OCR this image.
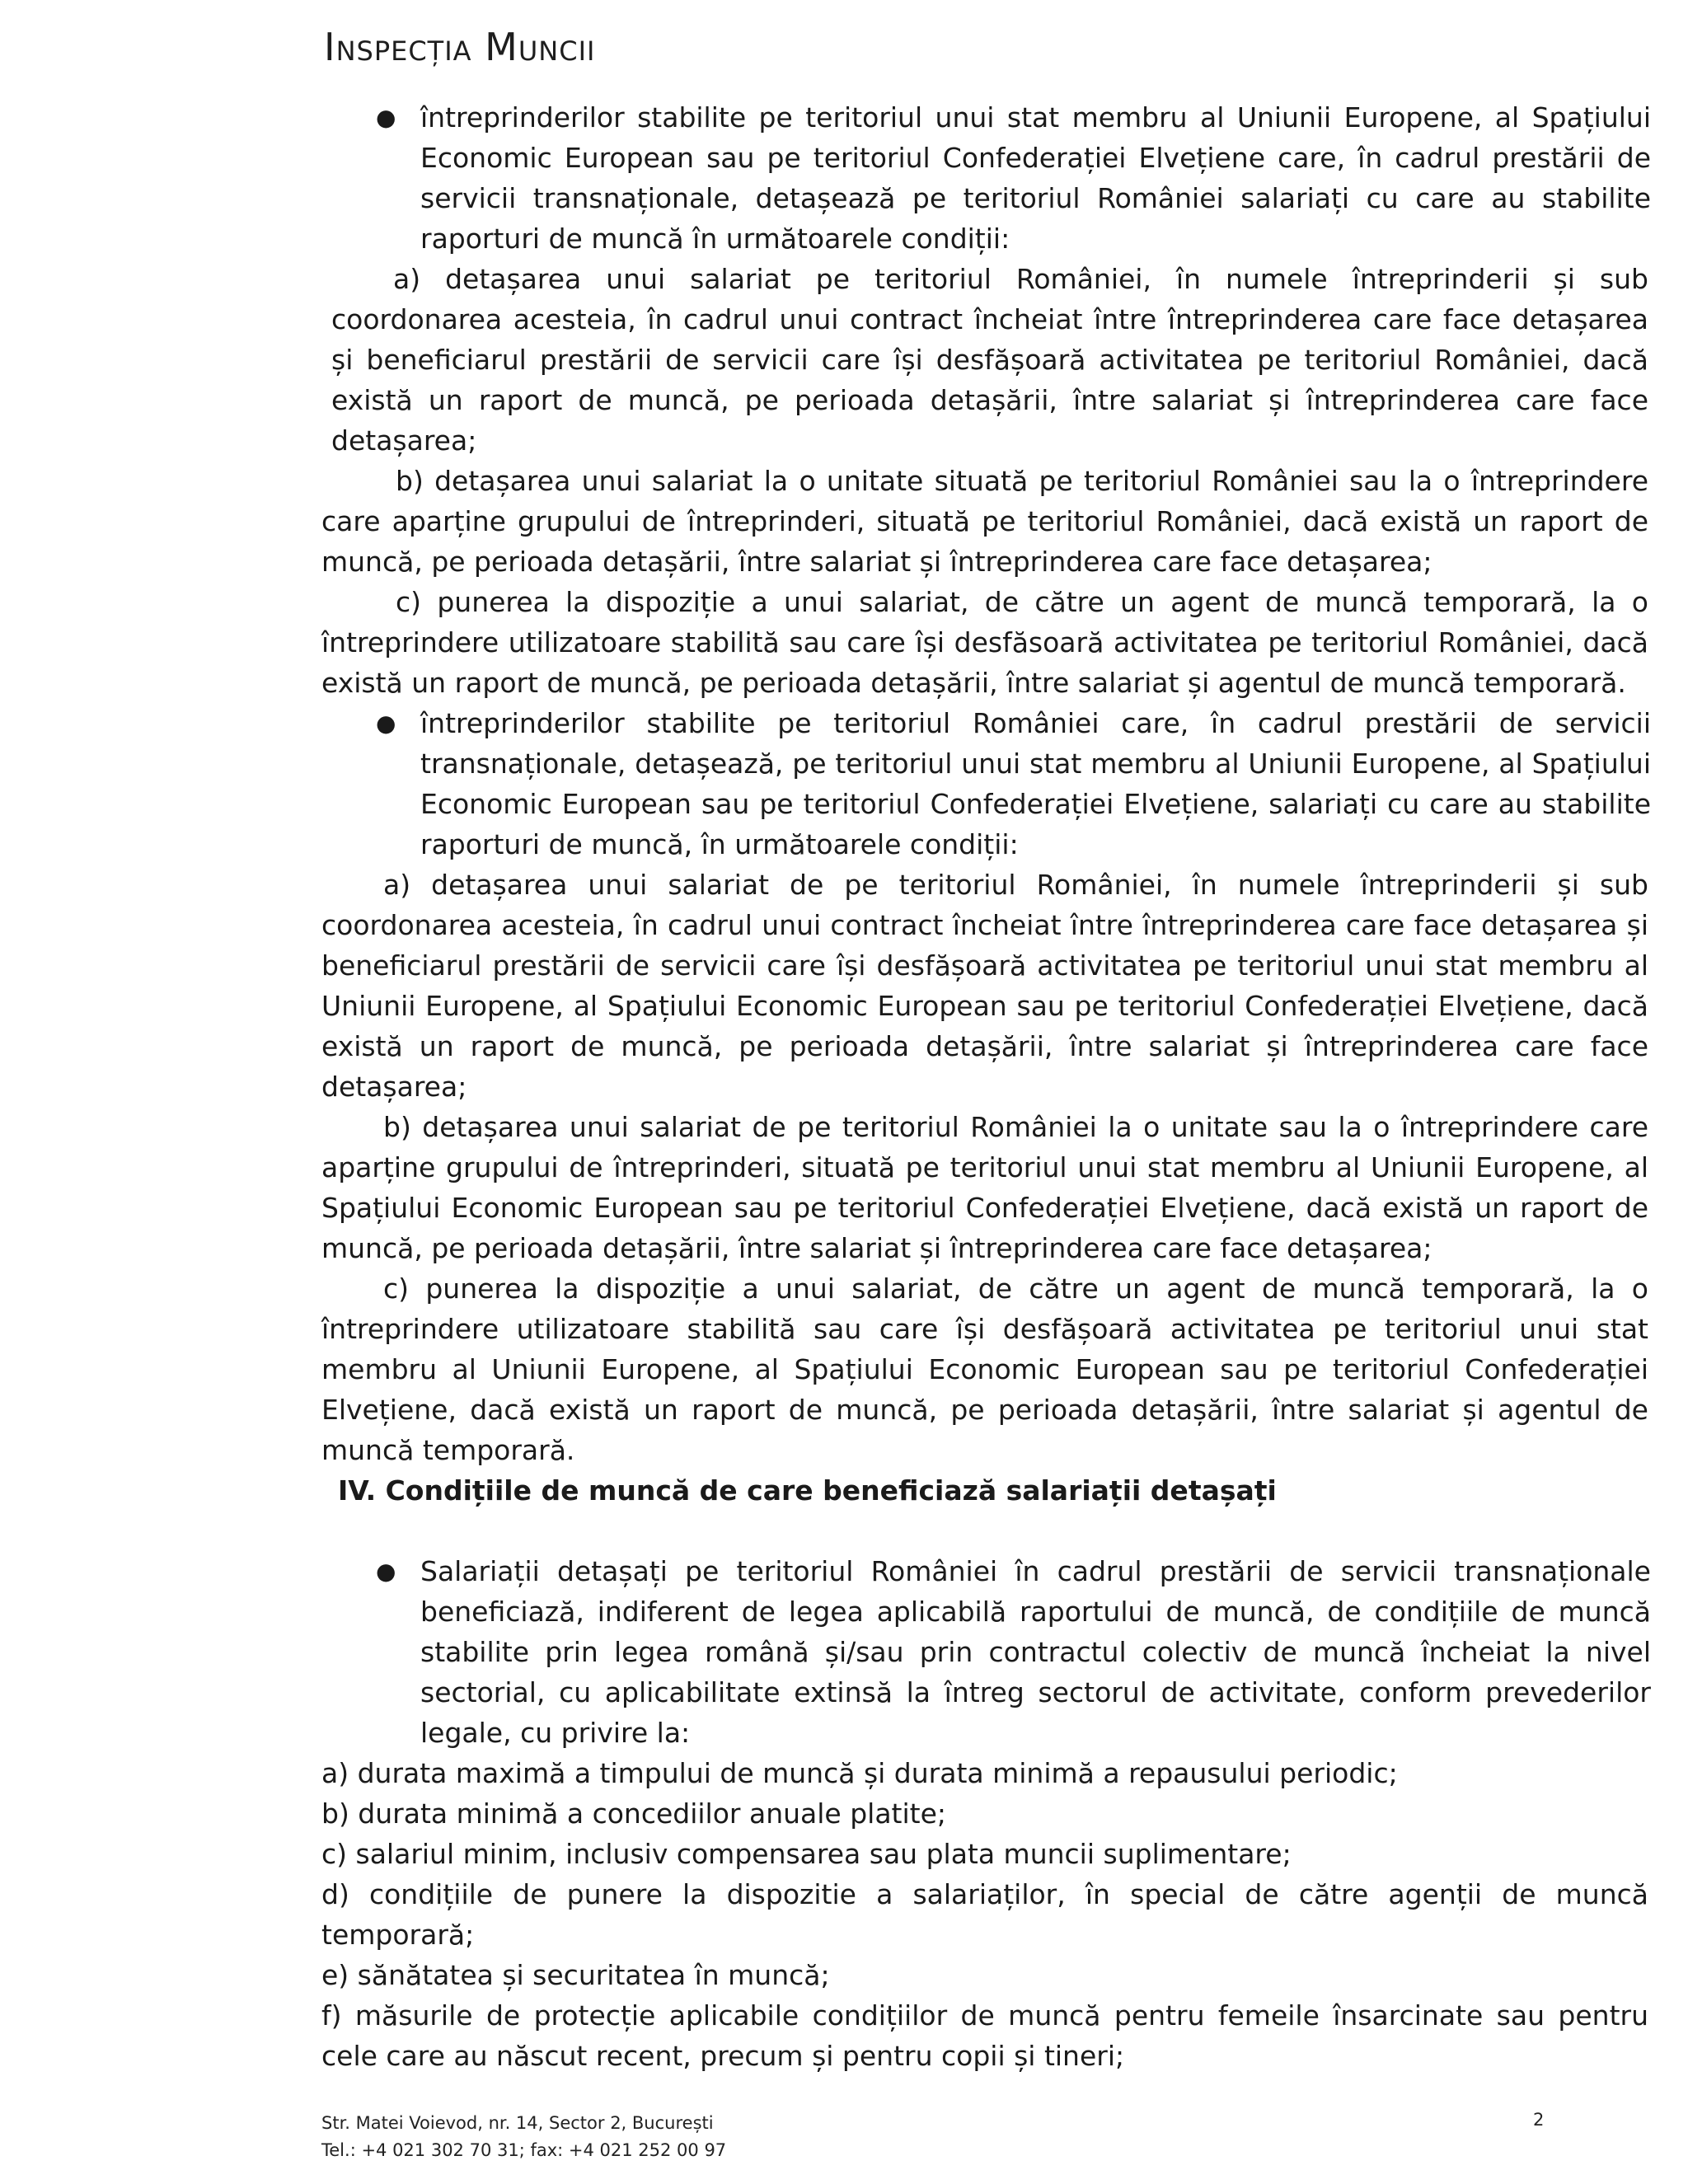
Inspecția Muncii

● întreprinderilor stabilite pe teritoriul unui stat membru al Uniunii Europene, al Spațiului Economic European sau pe teritoriul Confederației Elvețiene care, în cadrul prestării de servicii transnaționale, detașează pe teritoriul României salariați cu care au stabilite raporturi de muncă în următoarele condiții:

a) detașarea unui salariat pe teritoriul României, în numele întreprinderii și sub coordonarea acesteia, în cadrul unui contract încheiat între întreprinderea care face detașarea și beneficiarul prestării de servicii care își desfășoară activitatea pe teritoriul României, dacă există un raport de muncă, pe perioada detașării, între salariat și întreprinderea care face detașarea;

b) detașarea unui salariat la o unitate situată pe teritoriul României sau la o întreprindere care aparține grupului de întreprinderi, situată pe teritoriul României, dacă există un raport de muncă, pe perioada detașării, între salariat și întreprinderea care face detașarea;

c) punerea la dispoziție a unui salariat, de către un agent de muncă temporară, la o întreprindere utilizatoare stabilită sau care își desfăsoară activitatea pe teritoriul României, dacă există un raport de muncă, pe perioada detașării, între salariat și agentul de muncă temporară.

● întreprinderilor stabilite pe teritoriul României care, în cadrul prestării de servicii transnaționale, detașează, pe teritoriul unui stat membru al Uniunii Europene, al Spațiului Economic European sau pe teritoriul Confederației Elvețiene, salariați cu care au stabilite raporturi de muncă, în următoarele condiții:

a) detașarea unui salariat de pe teritoriul României, în numele întreprinderii și sub coordonarea acesteia, în cadrul unui contract încheiat între întreprinderea care face detașarea și beneficiarul prestării de servicii care își desfășoară activitatea pe teritoriul unui stat membru al Uniunii Europene, al Spațiului Economic European sau pe teritoriul Confederației Elvețiene, dacă există un raport de muncă, pe perioada detașării, între salariat și întreprinderea care face detașarea;

b) detașarea unui salariat de pe teritoriul României la o unitate sau la o întreprindere care aparține grupului de întreprinderi, situată pe teritoriul unui stat membru al Uniunii Europene, al Spațiului Economic European sau pe teritoriul Confederației Elvețiene, dacă există un raport de muncă, pe perioada detașării, între salariat și întreprinderea care face detașarea;

c) punerea la dispoziție a unui salariat, de către un agent de muncă temporară, la o întreprindere utilizatoare stabilită sau care își desfășoară activitatea pe teritoriul unui stat membru al Uniunii Europene, al Spațiului Economic European sau pe teritoriul Confederației Elvețiene, dacă există un raport de muncă, pe perioada detașării, între salariat și agentul de muncă temporară.

IV. Condițiile de muncă de care beneficiază salariații detașați

● Salariații detașați pe teritoriul României în cadrul prestării de servicii transnaționale beneficiază, indiferent de legea aplicabilă raportului de muncă, de condițiile de muncă stabilite prin legea română și/sau prin contractul colectiv de muncă încheiat la nivel sectorial, cu aplicabilitate extinsă la întreg sectorul de activitate, conform prevederilor legale, cu privire la:

a) durata maximă a timpului de muncă și durata minimă a repausului periodic;

b) durata minimă a concediilor anuale platite;

c) salariul minim, inclusiv compensarea sau plata muncii suplimentare;

d) condițiile de punere la dispozitie a salariaților, în special de către agenții de muncă temporară;

e) sănătatea și securitatea în muncă;

f) măsurile de protecție aplicabile condițiilor de muncă pentru femeile însarcinate sau pentru cele care au născut recent, precum și pentru copii și tineri;

Str. Matei Voievod, nr. 14, Sector 2, București
Tel.: +4 021 302 70 31; fax: +4 021 252 00 97
2
